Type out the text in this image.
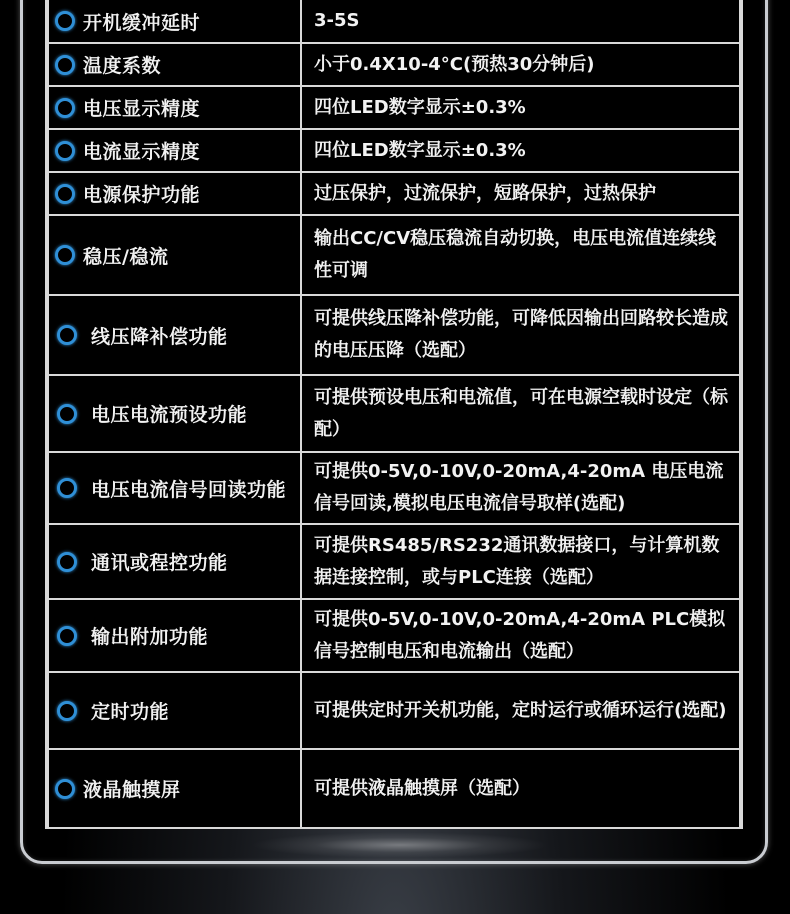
开机缓冲延时	3-5S

温度系数	小于0.4X10-4°C(预热30分钟后)

电压显示精度	四位LED数字显示±0.3%

电流显示精度	四位LED数字显示±0.3%

电源保护功能	过压保护，过流保护，短路保护，过热保护

稳压/稳流	输出CC/CV稳压稳流自动切换，电压电流值连续线性可调

线压降补偿功能	可提供线压降补偿功能，可降低因输出回路较长造成的电压压降（选配）

电压电流预设功能	可提供预设电压和电流值，可在电源空载时设定（标配）

电压电流信号回读功能	可提供0-5V,0-10V,0-20mA,4-20mA 电压电流信号回读,模拟电压电流信号取样(选配)

通讯或程控功能	可提供RS485/RS232通讯数据接口，与计算机数据连接控制，或与PLC连接（选配）

输出附加功能	可提供0-5V,0-10V,0-20mA,4-20mA PLC模拟信号控制电压和电流输出（选配）

定时功能	可提供定时开关机功能，定时运行或循环运行(选配)

液晶触摸屏	可提供液晶触摸屏（选配）
